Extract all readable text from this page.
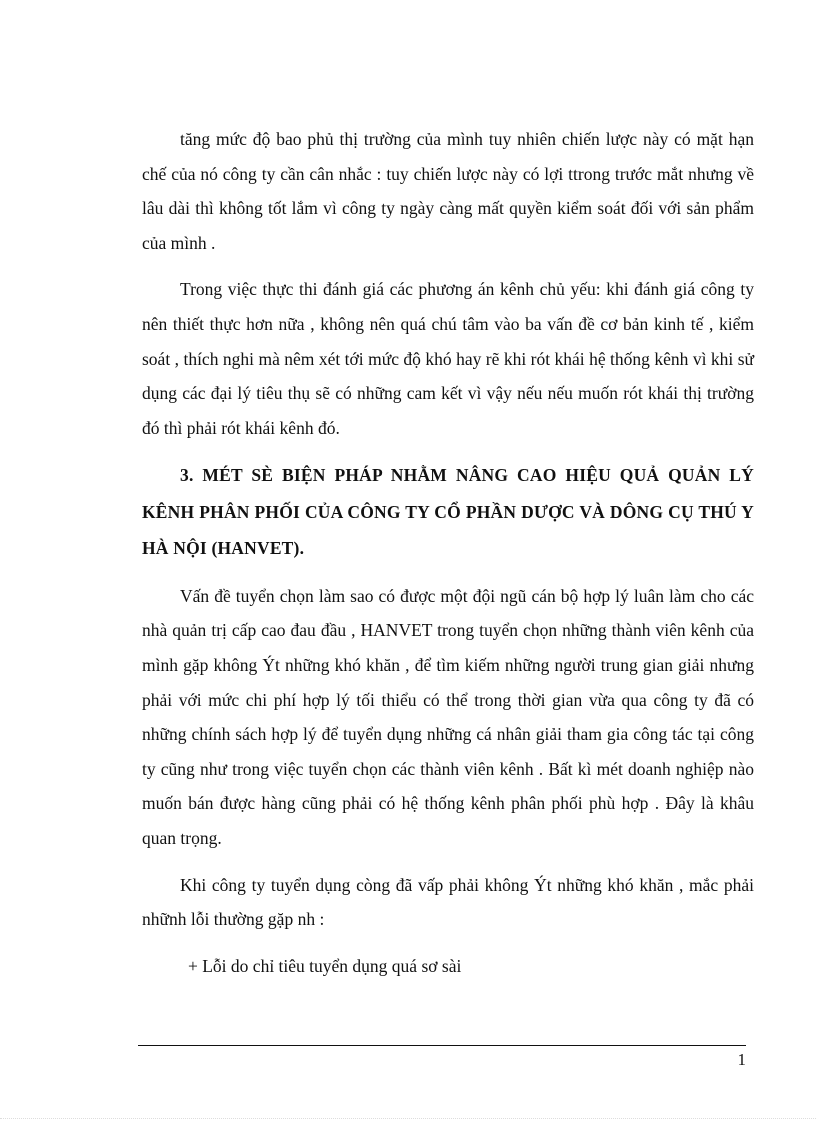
tăng mức độ bao phủ thị trường của mình tuy nhiên chiến lược này có mặt hạn chế của nó công ty cần cân nhắc : tuy chiến lược này có lợi ttrong trước mắt nhưng về lâu dài thì không tốt lắm vì công ty ngày càng mất quyền kiểm soát đối với sản phẩm của mình .

Trong việc thực thi đánh giá các phương án kênh chủ yếu: khi đánh giá công ty nên thiết thực hơn nữa , không nên quá chú tâm vào ba vấn đề cơ bản kinh tế , kiểm soát , thích nghi mà nêm xét tới mức độ khó hay rẽ khi rót khái hệ thống kênh vì khi sử dụng các đại lý tiêu thụ sẽ có những cam kết vì vậy nếu nếu muốn rót khái thị trường đó thì phải rót khái kênh đó.

3. MÉT SÈ BIỆN PHÁP NHẰM NÂNG CAO HIỆU QUẢ QUẢN LÝ KÊNH PHÂN PHỐI CỦA CÔNG TY CỔ PHẦN DƯỢC VÀ DÔNG CỤ THÚ Y HÀ NỘI (HANVET).

Vấn đề tuyển chọn làm sao có được một đội ngũ cán bộ hợp lý luân làm cho các nhà quản trị cấp cao đau đầu , HANVET trong tuyển chọn những thành viên kênh của mình gặp không Ýt những khó khăn , để tìm kiếm những người trung gian giải nhưng phải với mức chi phí hợp lý tối thiểu có thể trong thời gian vừa qua công ty đã có những chính sách hợp lý để tuyển dụng những cá nhân giải tham gia công tác tại công ty cũng như trong việc tuyển chọn các thành viên kênh . Bất kì mét doanh nghiệp nào muốn bán được hàng cũng phải có hệ thống kênh phân phối phù hợp . Đây là khâu quan trọng.

Khi công ty tuyển dụng còng đã vấp phải không Ýt những khó khăn , mắc phải nhữnh lỗi thường gặp nh :

+ Lỗi do chỉ tiêu tuyển dụng quá sơ sài

1
